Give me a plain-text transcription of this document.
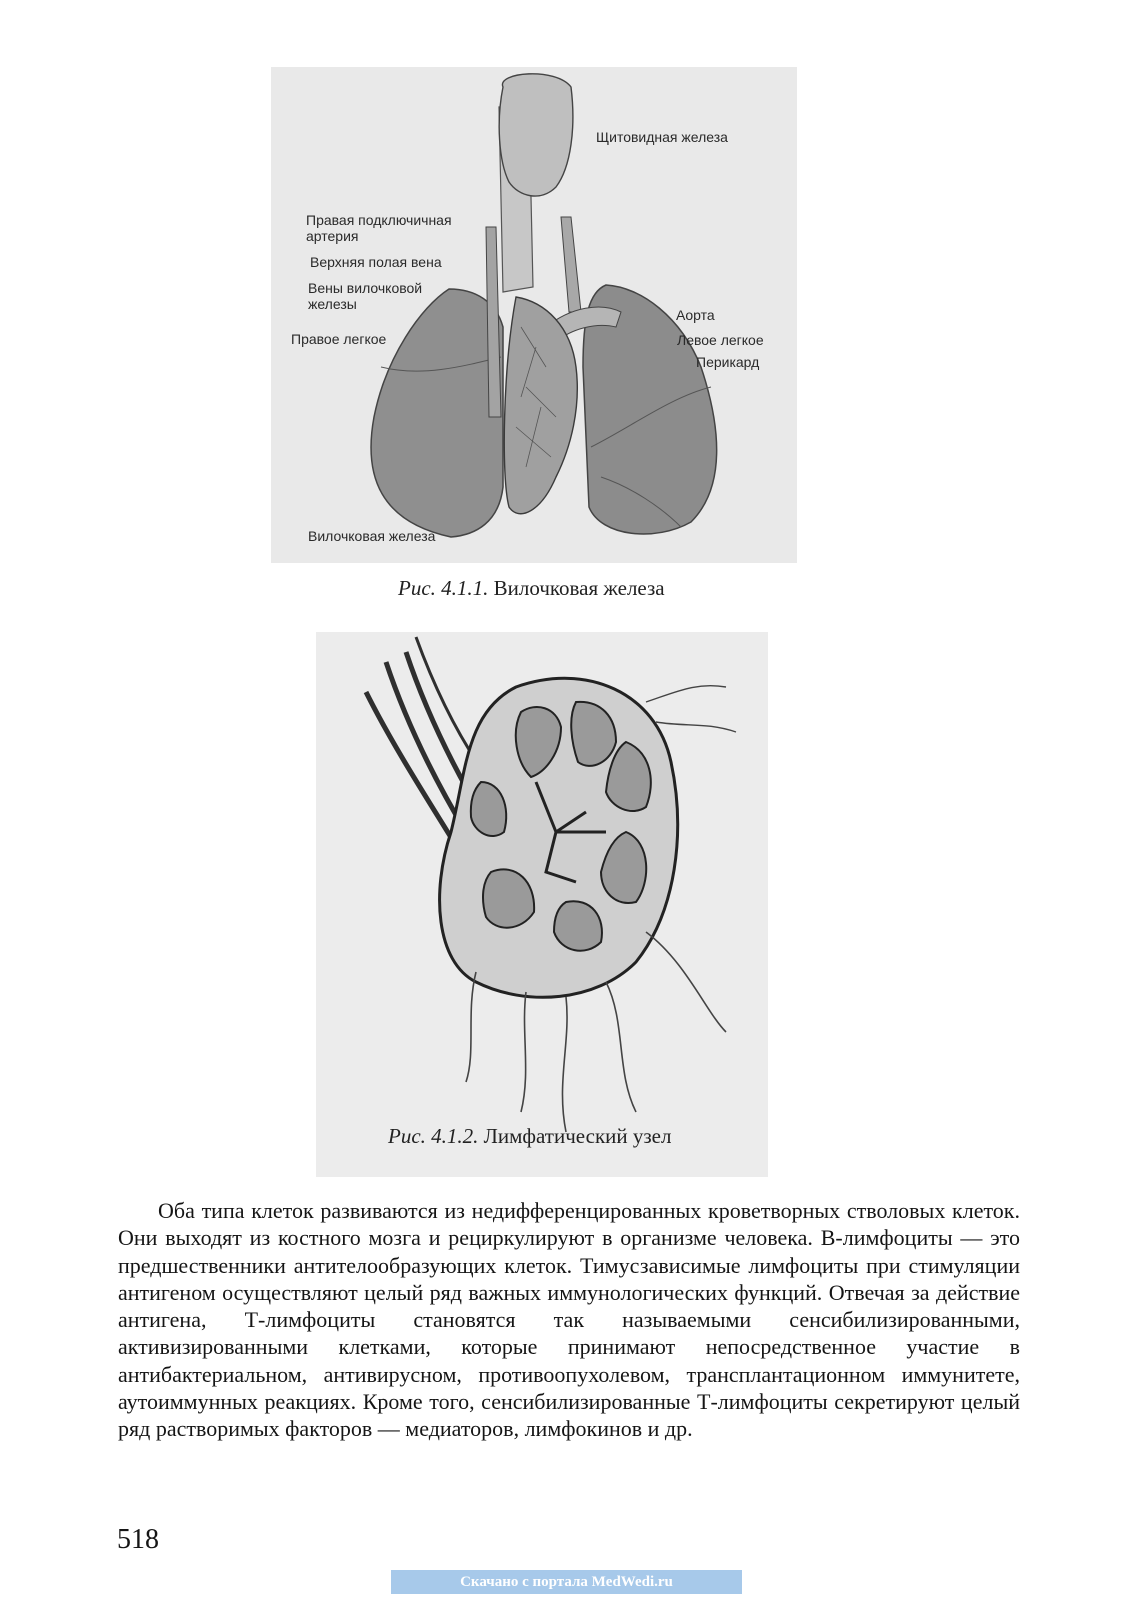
Щитовидная железа
Правая подключичная
артерия
Верхняя полая вена
Вены вилочковой
железы
Правое легкое
Аорта
Левое легкое
Перикард
Вилочковая железа
Рис. 4.1.1. Вилочковая железа
Рис. 4.1.2. Лимфатический узел

Оба типа клеток развиваются из недифференцированных кроветворных стволовых клеток. Они выходят из костного мозга и рециркулируют в организме человека. В-лимфоциты — это предшественники антителообразующих клеток. Тимусзависимые лимфоциты при стимуляции антигеном осуществляют целый ряд важных иммунологических функций. Отвечая за действие антигена, Т-лимфоциты становятся так называемыми сенсибилизированными, активизированными клетками, которые принимают непосредственное участие в антибактериальном, антивирусном, противоопухолевом, трансплантационном иммунитете, аутоиммунных реакциях. Кроме того, сенсибилизированные Т-лимфоциты секретируют целый ряд растворимых факторов — медиаторов, лимфокинов и др.

518
Скачано с портала MedWedi.ru
